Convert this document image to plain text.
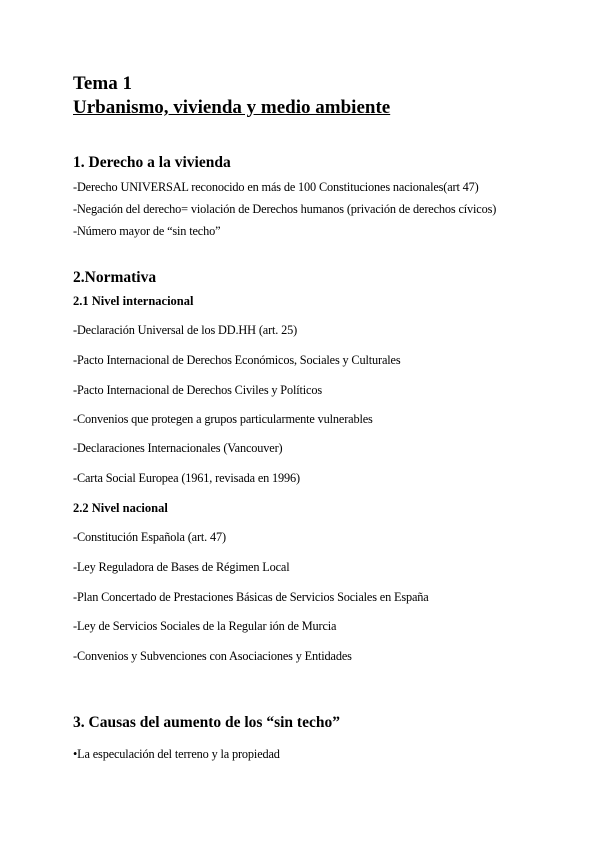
Tema 1

Urbanismo, vivienda y medio ambiente

1. Derecho a la vivienda

-Derecho UNIVERSAL reconocido en más de 100 Constituciones nacionales(art 47)

-Negación del derecho= violación de Derechos humanos (privación de derechos cívicos)

-Número mayor de “sin techo”

2.Normativa

2.1 Nivel internacional

-Declaración Universal de los DD.HH (art. 25)

-Pacto Internacional de Derechos Económicos, Sociales y Culturales

-Pacto Internacional de Derechos Civiles y Políticos

-Convenios que protegen a grupos particularmente vulnerables

-Declaraciones Internacionales (Vancouver)

-Carta Social Europea (1961, revisada en 1996)

2.2 Nivel nacional

-Constitución Española (art. 47)

-Ley Reguladora de Bases de Régimen Local

-Plan Concertado de Prestaciones Básicas de Servicios Sociales en España

-Ley de Servicios Sociales de la Regular ión de Murcia

-Convenios y Subvenciones con Asociaciones y Entidades

3. Causas del aumento de los “sin techo”

•La especulación del terreno y la propiedad
